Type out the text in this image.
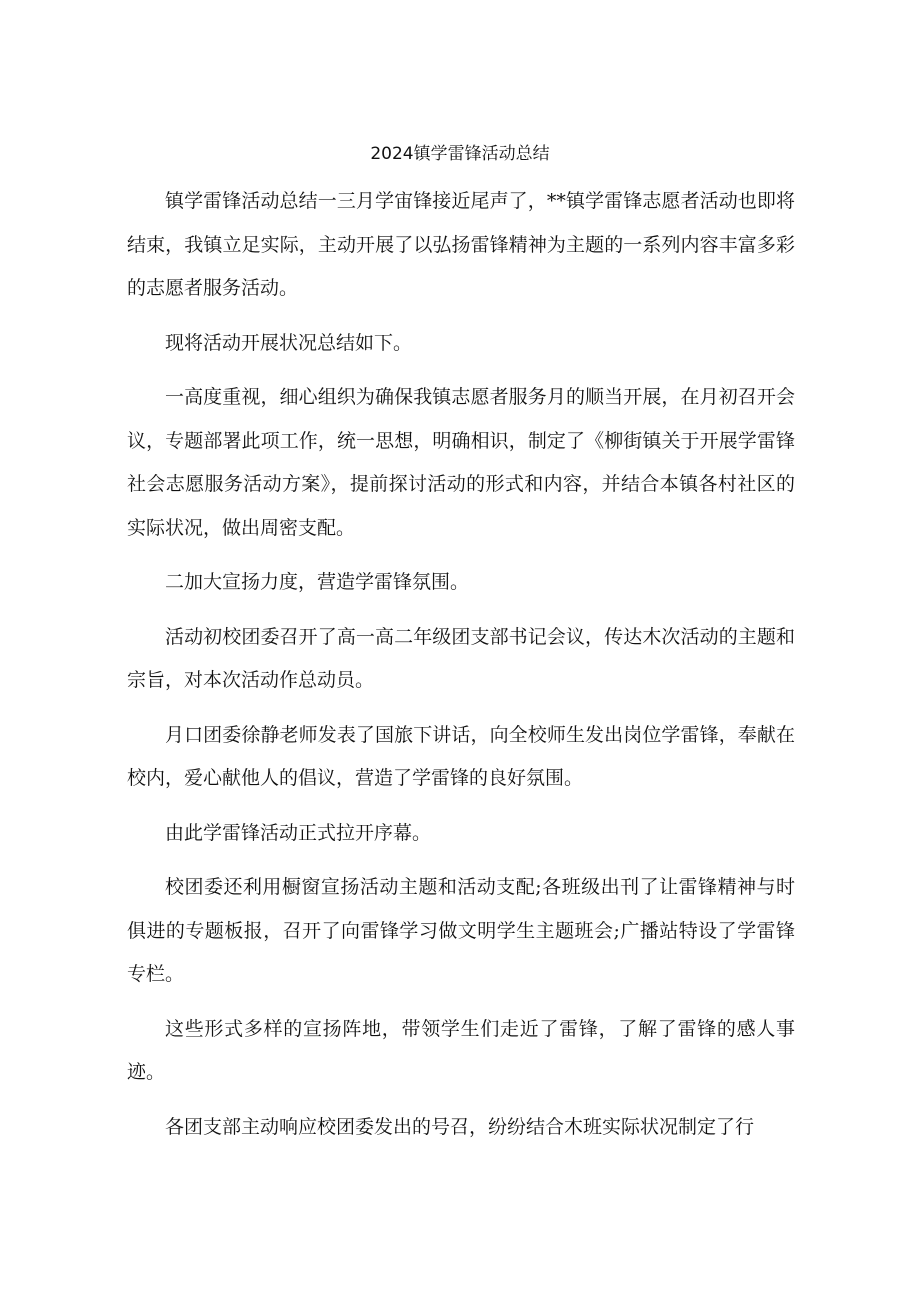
2024镇学雷锋活动总结

镇学雷锋活动总结一三月学宙锋接近尾声了，**镇学雷锋志愿者活动也即将结束，我镇立足实际，主动开展了以弘扬雷锋精神为主题的一系列内容丰富多彩的志愿者服务活动。

现将活动开展状况总结如下。

一高度重视，细心组织为确保我镇志愿者服务月的顺当开展，在月初召开会议，专题部署此项工作，统一思想，明确相识，制定了《柳街镇关于开展学雷锋社会志愿服务活动方案》，提前探讨活动的形式和内容，并结合本镇各村社区的实际状况，做出周密支配。

二加大宣扬力度，营造学雷锋氛围。

活动初校团委召开了高一高二年级团支部书记会议，传达木次活动的主题和宗旨，对本次活动作总动员。

月口团委徐静老师发表了国旅下讲话，向全校师生发出岗位学雷锋，奉献在校内，爱心献他人的倡议，营造了学雷锋的良好氛围。

由此学雷锋活动正式拉开序幕。

校团委还利用橱窗宣扬活动主题和活动支配;各班级出刊了让雷锋精神与时俱进的专题板报，召开了向雷锋学习做文明学生主题班会;广播站特设了学雷锋专栏。

这些形式多样的宣扬阵地，带领学生们走近了雷锋，了解了雷锋的感人事迹。

各团支部主动响应校团委发出的号召，纷纷结合木班实际状况制定了行
